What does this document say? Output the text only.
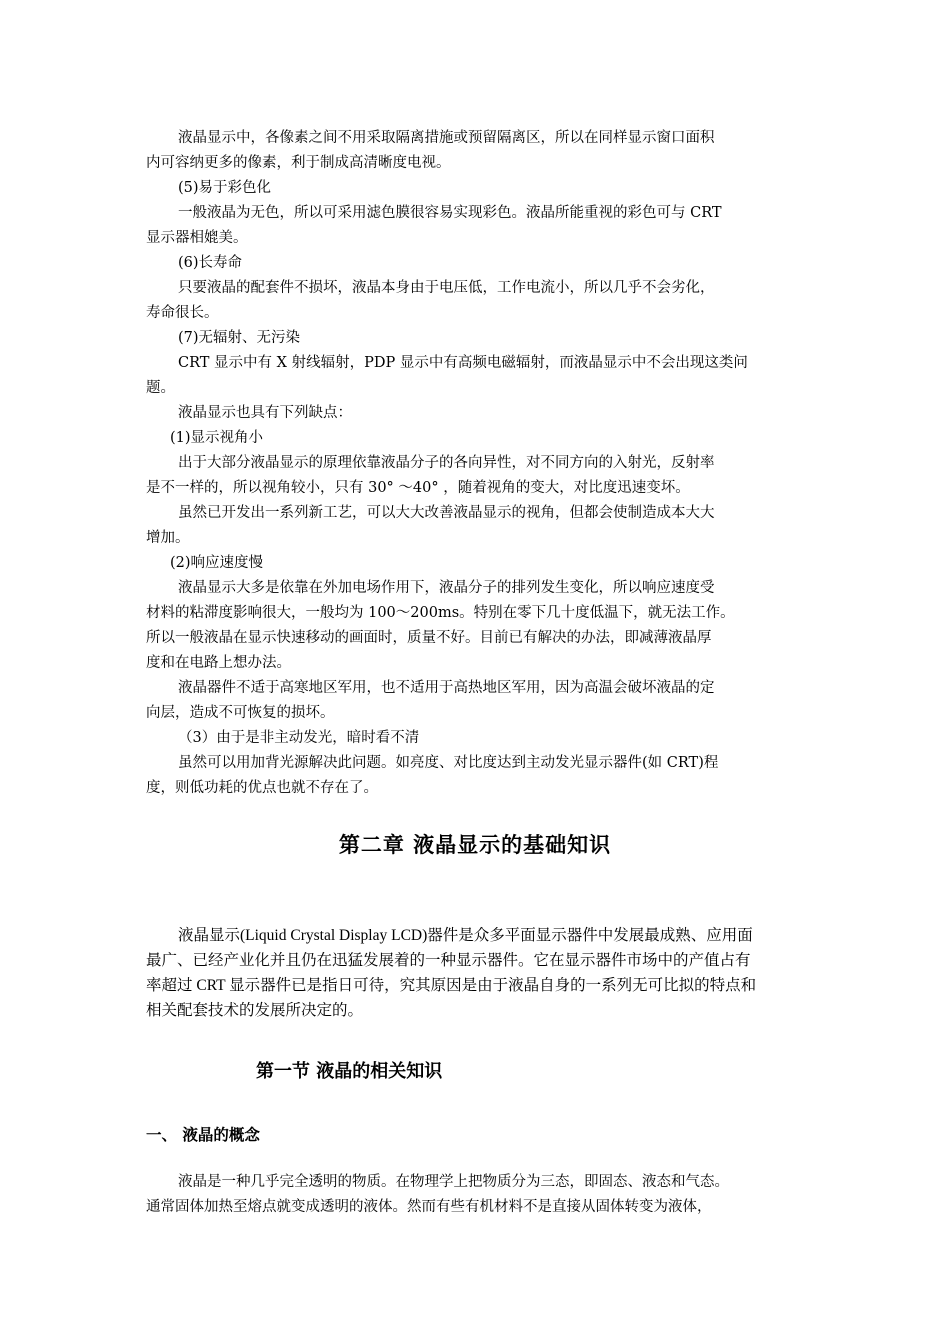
液晶显示中，各像素之间不用采取隔离措施或预留隔离区，所以在同样显示窗口面积
内可容纳更多的像素，利于制成高清晰度电视。
(5)易于彩色化
一般液晶为无色，所以可采用滤色膜很容易实现彩色。液晶所能重视的彩色可与 CRT
显示器相媲美。
(6)长寿命
只要液晶的配套件不损坏，液晶本身由于电压低，工作电流小，所以几乎不会劣化，
寿命很长。
(7)无辐射、无污染
CRT 显示中有 X 射线辐射，PDP 显示中有高频电磁辐射，而液晶显示中不会出现这类问
题。
液晶显示也具有下列缺点：
(1)显示视角小
出于大部分液晶显示的原理依靠液晶分子的各向异性，对不同方向的入射光，反射率
是不一样的，所以视角较小，只有 30° ～40° ，随着视角的变大，对比度迅速变坏。
虽然已开发出一系列新工艺，可以大大改善液晶显示的视角，但都会使制造成本大大
增加。
(2)响应速度慢
液晶显示大多是依靠在外加电场作用下，液晶分子的排列发生变化，所以响应速度受
材料的粘滞度影响很大，一般均为 100～200ms。特别在零下几十度低温下，就无法工作。
所以一般液晶在显示快速移动的画面时，质量不好。目前已有解决的办法，即减薄液晶厚
度和在电路上想办法。
液晶器件不适于高寒地区军用，也不适用于高热地区军用，因为高温会破坏液晶的定
向层，造成不可恢复的损坏。
（3）由于是非主动发光，暗时看不清
虽然可以用加背光源解决此问题。如亮度、对比度达到主动发光显示器件(如 CRT)程
度，则低功耗的优点也就不存在了。
第二章 液晶显示的基础知识
液晶显示(Liquid Crystal Display LCD)器件是众多平面显示器件中发展最成熟、应用面
最广、已经产业化并且仍在迅猛发展着的一种显示器件。它在显示器件市场中的产值占有
率超过 CRT 显示器件已是指日可待，究其原因是由于液晶自身的一系列无可比拟的特点和
相关配套技术的发展所决定的。
第一节 液晶的相关知识
一、 液晶的概念
液晶是一种几乎完全透明的物质。在物理学上把物质分为三态，即固态、液态和气态。
通常固体加热至熔点就变成透明的液体。然而有些有机材料不是直接从固体转变为液体，
